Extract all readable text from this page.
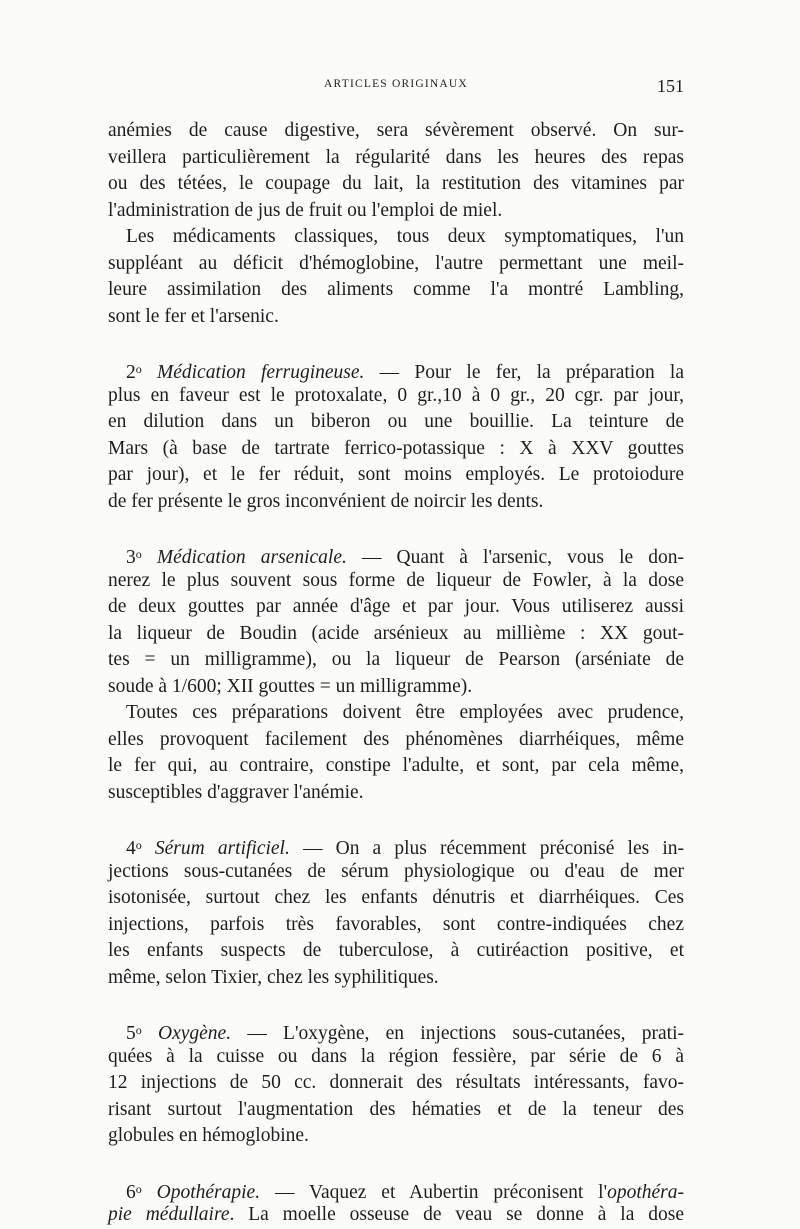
ARTICLES ORIGINAUX	151
anémies de cause digestive, sera sévèrement observé. On sur-
veillera particulièrement la régularité dans les heures des repas
ou des tétées, le coupage du lait, la restitution des vitamines par
l'administration de jus de fruit ou l'emploi de miel.
Les médicaments classiques, tous deux symptomatiques, l'un
suppléant au déficit d'hémoglobine, l'autre permettant une meil-
leure assimilation des aliments comme l'a montré Lambling,
sont le fer et l'arsenic.
2$^o$ Médication ferrugineuse. — Pour le fer, la préparation la
plus en faveur est le protoxalate, 0 gr.,10 à 0 gr., 20 cgr. par jour,
en dilution dans un biberon ou une bouillie. La teinture de
Mars (à base de tartrate ferrico-potassique : X à XXV gouttes
par jour), et le fer réduit, sont moins employés. Le protoiodure
de fer présente le gros inconvénient de noircir les dents.
3$^o$ Médication arsenicale. — Quant à l'arsenic, vous le don-
nerez le plus souvent sous forme de liqueur de Fowler, à la dose
de deux gouttes par année d'âge et par jour. Vous utiliserez aussi
la liqueur de Boudin (acide arsénieux au millième : XX gout-
tes = un milligramme), ou la liqueur de Pearson (arséniate de
soude à 1/600; XII gouttes = un milligramme).
Toutes ces préparations doivent être employées avec prudence,
elles provoquent facilement des phénomènes diarrhéiques, même
le fer qui, au contraire, constipe l'adulte, et sont, par cela même,
susceptibles d'aggraver l'anémie.
4$^o$ Sérum artificiel. — On a plus récemment préconisé les in-
jections sous-cutanées de sérum physiologique ou d'eau de mer
isotonisée, surtout chez les enfants dénutris et diarrhéiques. Ces
injections, parfois très favorables, sont contre-indiquées chez
les enfants suspects de tuberculose, à cutiréaction positive, et
même, selon Tixier, chez les syphilitiques.
5$^o$ Oxygène. — L'oxygène, en injections sous-cutanées, prati-
quées à la cuisse ou dans la région fessière, par série de 6 à
12 injections de 50 cc. donnerait des résultats intéressants, favo-
risant surtout l'augmentation des hématies et de la teneur des
globules en hémoglobine.
6$^o$ Opothérapie. — Vaquez et Aubertin préconisent l'opothéra-
pie médullaire. La moelle osseuse de veau se donne à la dose
